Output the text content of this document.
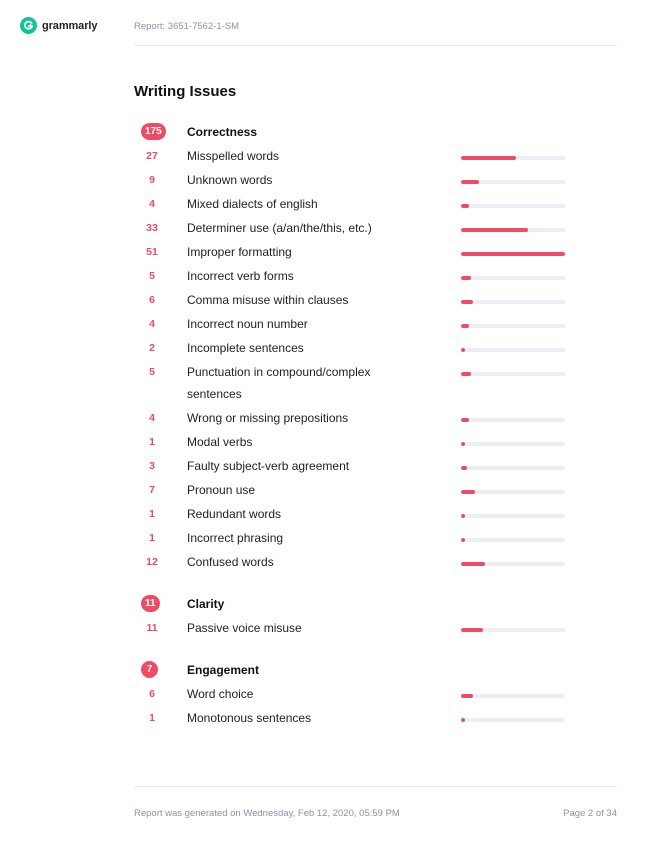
grammarly	Report: 3651-7562-1-SM
Writing Issues
175	Correctness
27	Misspelled words
9	Unknown words
4	Mixed dialects of english
33	Determiner use (a/an/the/this, etc.)
51	Improper formatting
5	Incorrect verb forms
6	Comma misuse within clauses
4	Incorrect noun number
2	Incomplete sentences
5	Punctuation in compound/complex sentences
4	Wrong or missing prepositions
1	Modal verbs
3	Faulty subject-verb agreement
7	Pronoun use
1	Redundant words
1	Incorrect phrasing
12	Confused words
11	Clarity
11	Passive voice misuse
7	Engagement
6	Word choice
1	Monotonous sentences
Report was generated on Wednesday, Feb 12, 2020, 05:59 PM	Page 2 of 34
